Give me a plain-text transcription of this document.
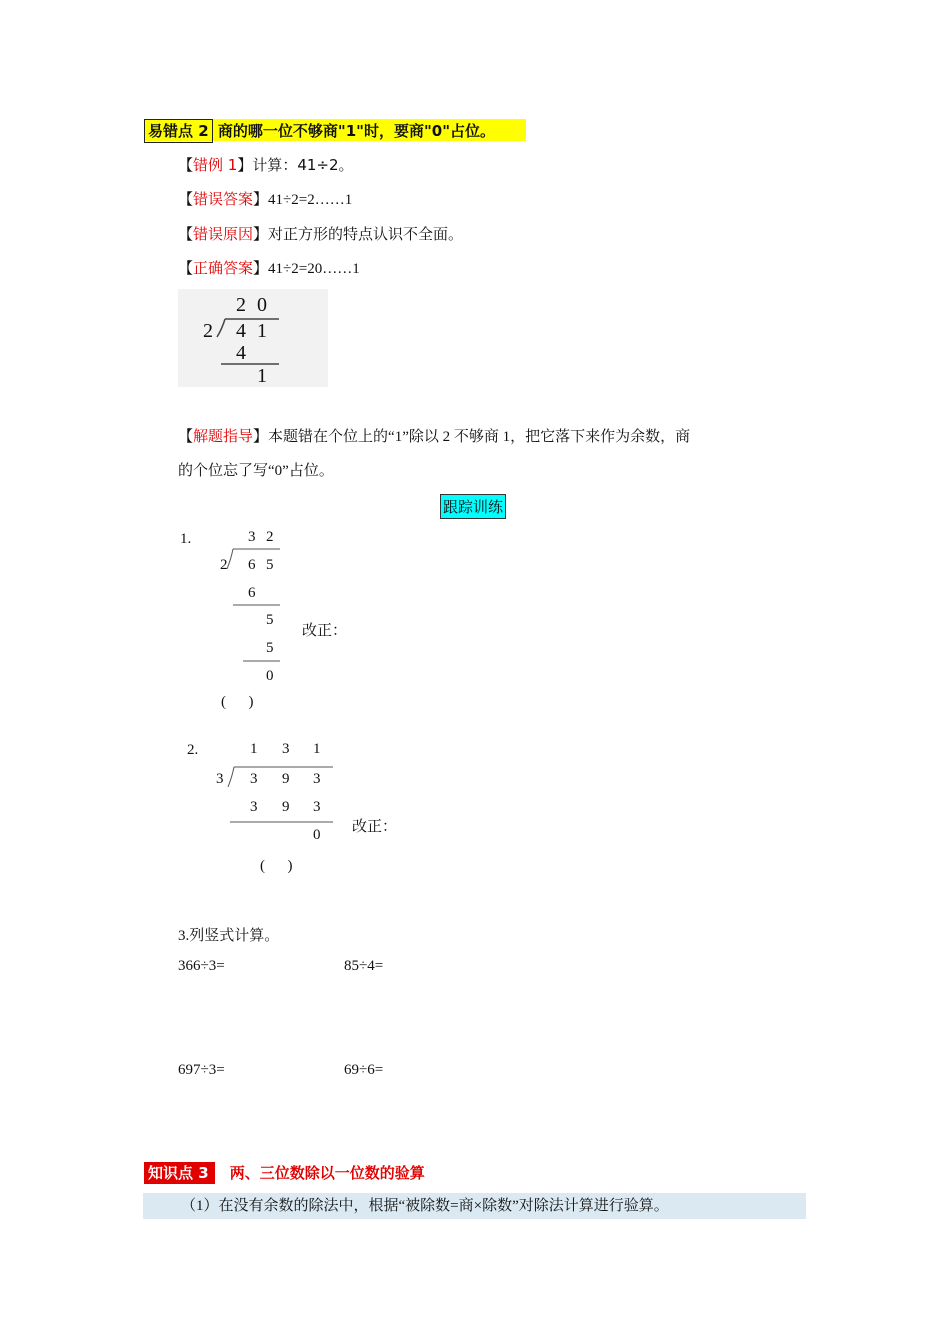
易错点 2 商的哪一位不够商"1"时，要商"0"占位。
【错例 1】计算：41÷2。
【错误答案】41÷2=2……1
【错误原因】对正方形的特点认识不全面。
【正确答案】41÷2=20……1
2 0
2 4 1
4
1
【解题指导】本题错在个位上的“1”除以 2 不够商 1，把它落下来作为余数，商
的个位忘了写“0”占位。
跟踪训练
1.	3 2
2 6 5
6
5
5
0
(      )
改正：
2.	1 3 1
3 3 9 3
3 9 3
0
(      )
改正：
3.列竖式计算。
366÷3=	85÷4=
697÷3=	69÷6=
知识点 3 两、三位数除以一位数的验算
（1）在没有余数的除法中，根据“被除数=商×除数”对除法计算进行验算。
